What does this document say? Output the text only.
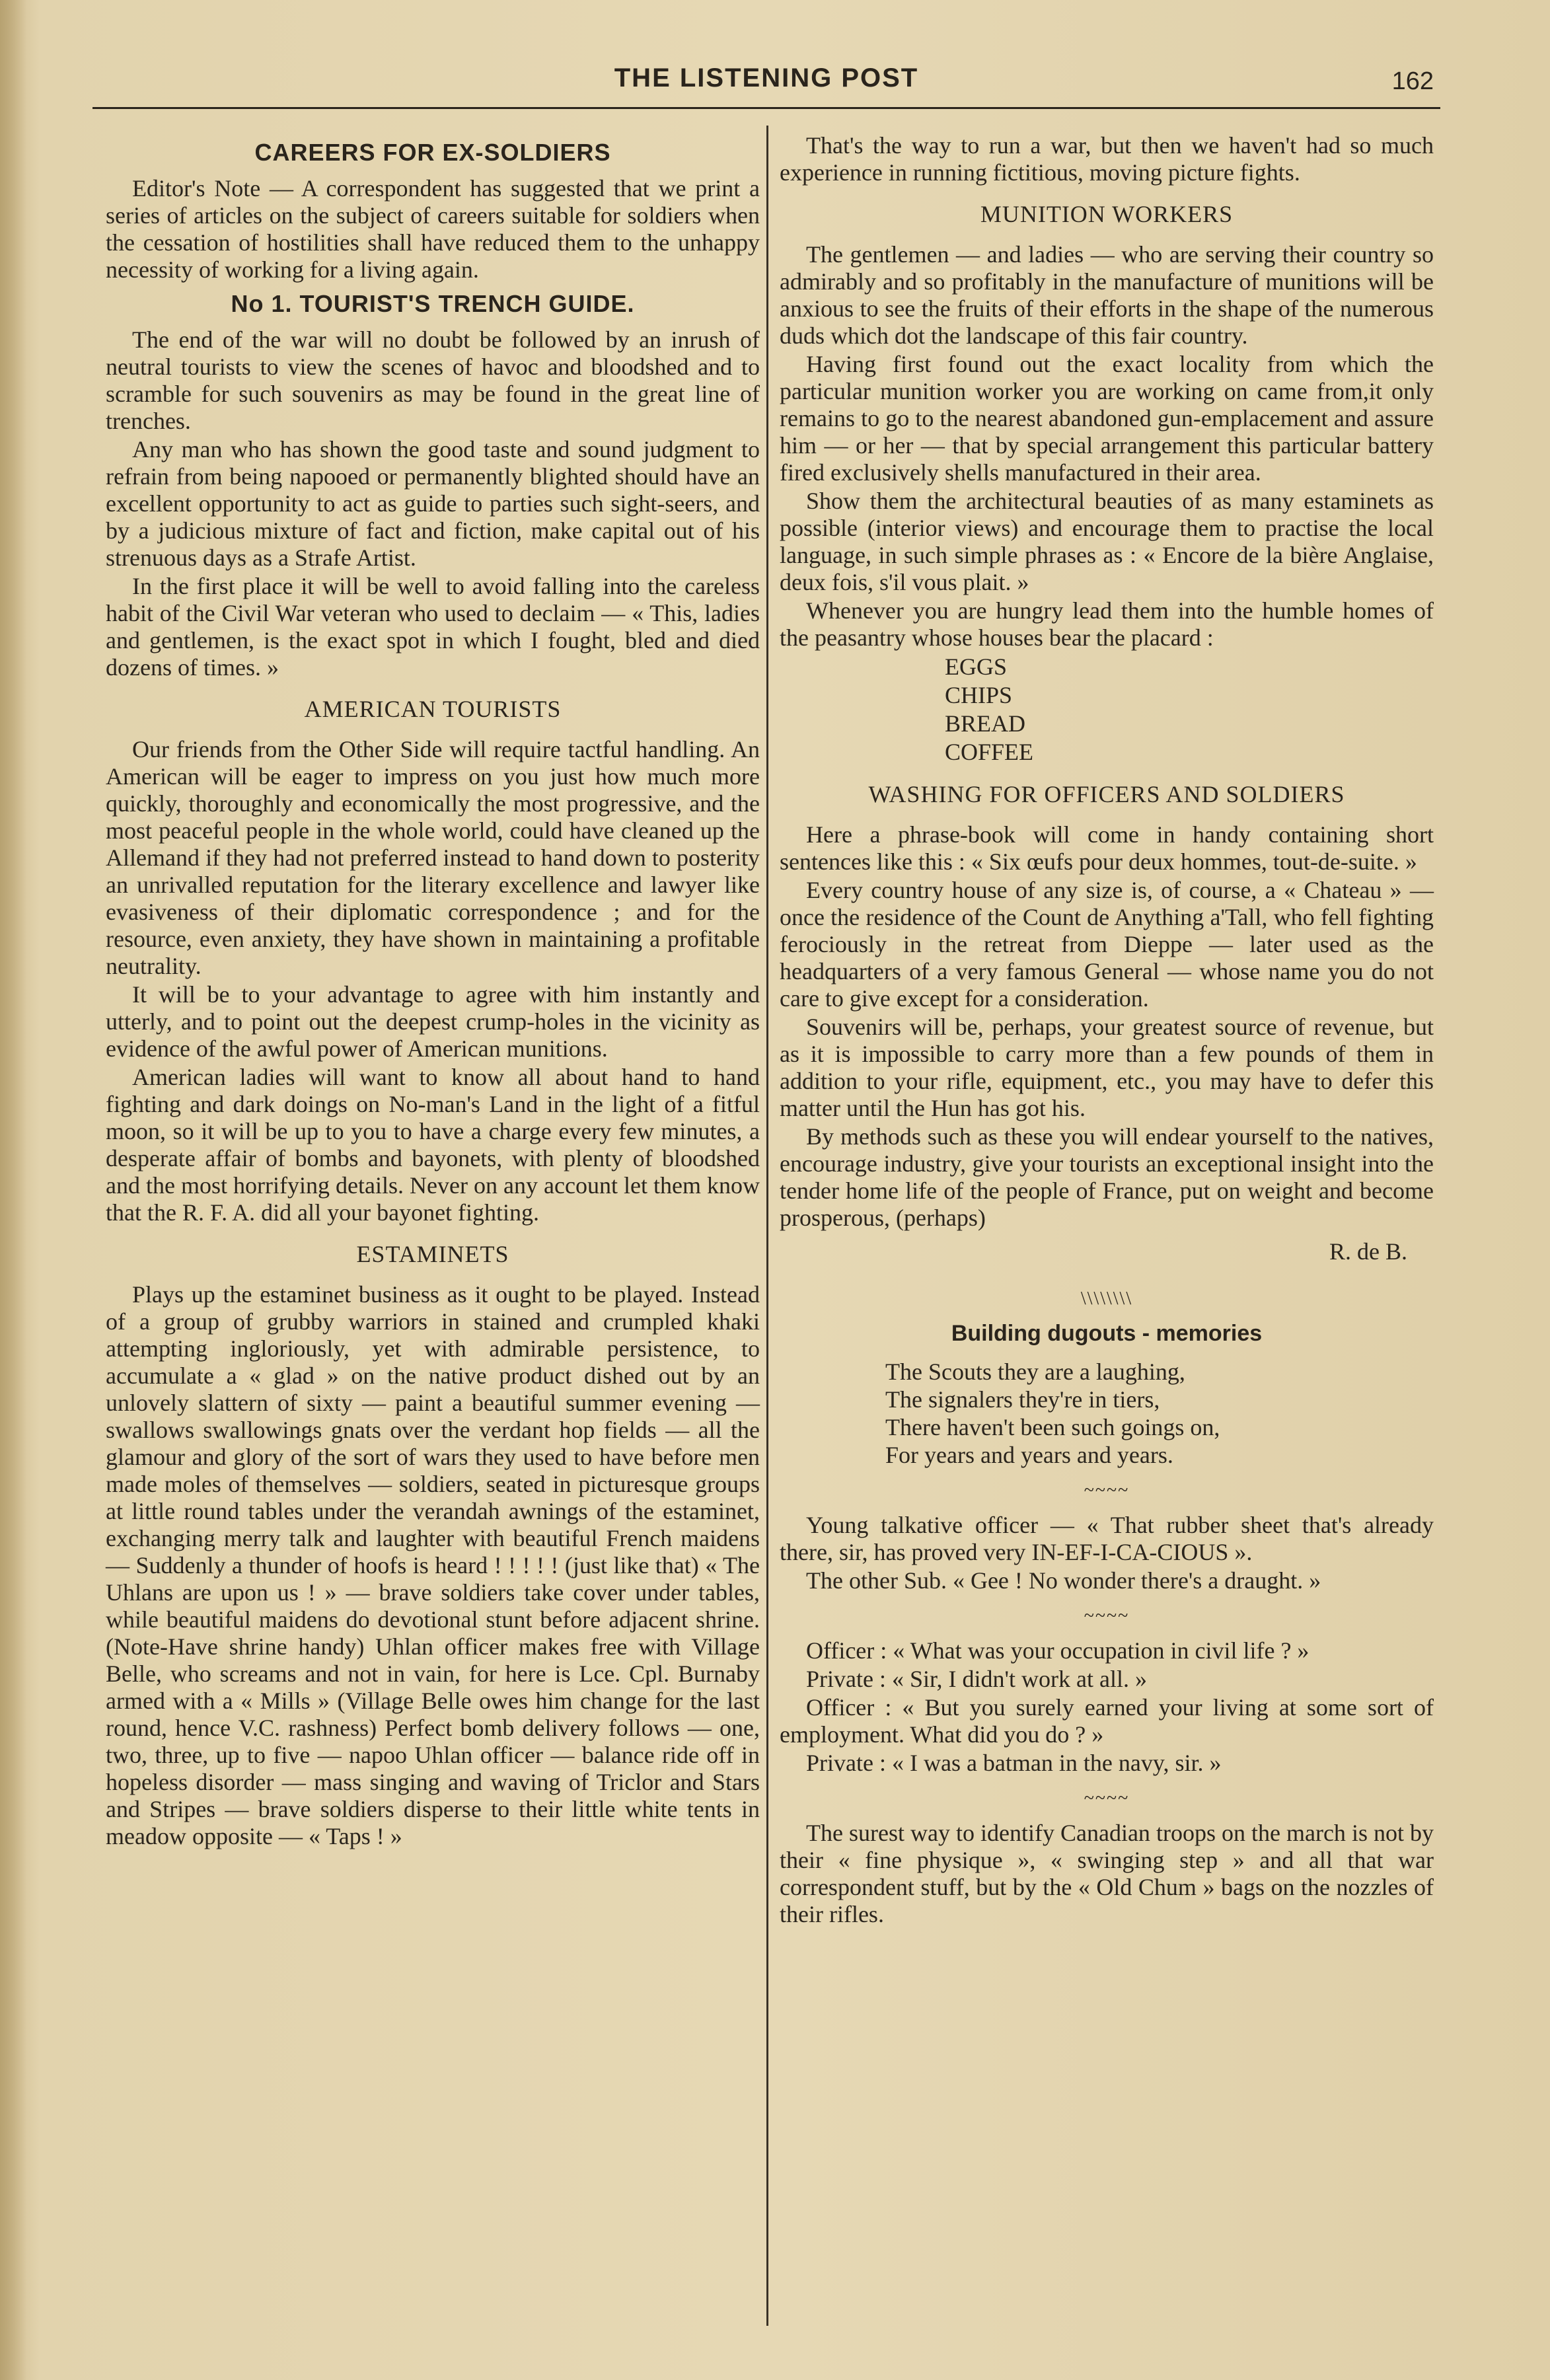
THE LISTENING POST	162
CAREERS FOR EX-SOLDIERS

Editor's Note — A correspondent has suggested that we print a series of articles on the subject of careers suitable for soldiers when the cessation of hostilities shall have reduced them to the unhappy necessity of working for a living again.

No 1. TOURIST'S TRENCH GUIDE.

The end of the war will no doubt be followed by an inrush of neutral tourists to view the scenes of havoc and bloodshed and to scramble for such souvenirs as may be found in the great line of trenches.

Any man who has shown the good taste and sound judgment to refrain from being napooed or permanently blighted should have an excellent opportunity to act as guide to parties such sight-seers, and by a judicious mixture of fact and fiction, make capital out of his strenuous days as a Strafe Artist.

In the first place it will be well to avoid falling into the careless habit of the Civil War veteran who used to declaim — « This, ladies and gentlemen, is the exact spot in which I fought, bled and died dozens of times. »

AMERICAN TOURISTS

Our friends from the Other Side will require tactful handling. An American will be eager to impress on you just how much more quickly, thoroughly and economically the most progressive, and the most peaceful people in the whole world, could have cleaned up the Allemand if they had not preferred instead to hand down to posterity an unrivalled reputation for the literary excellence and lawyer like evasiveness of their diplomatic correspondence ; and for the resource, even anxiety, they have shown in maintaining a profitable neutrality.

It will be to your advantage to agree with him instantly and utterly, and to point out the deepest crump-holes in the vicinity as evidence of the awful power of American munitions.

American ladies will want to know all about hand to hand fighting and dark doings on No-man's Land in the light of a fitful moon, so it will be up to you to have a charge every few minutes, a desperate affair of bombs and bayonets, with plenty of bloodshed and the most horrifying details. Never on any account let them know that the R. F. A. did all your bayonet fighting.

ESTAMINETS

Plays up the estaminet business as it ought to be played. Instead of a group of grubby warriors in stained and crumpled khaki attempting ingloriously, yet with admirable persistence, to accumulate a « glad » on the native product dished out by an unlovely slattern of sixty — paint a beautiful summer evening — swallows swallowings gnats over the verdant hop fields — all the glamour and glory of the sort of wars they used to have before men made moles of themselves — soldiers, seated in picturesque groups at little round tables under the verandah awnings of the estaminet, exchanging merry talk and laughter with beautiful French maidens — Suddenly a thunder of hoofs is heard ! ! ! ! ! (just like that) « The Uhlans are upon us ! » — brave soldiers take cover under tables, while beautiful maidens do devotional stunt before adjacent shrine. (Note-Have shrine handy) Uhlan officer makes free with Village Belle, who screams and not in vain, for here is Lce. Cpl. Burnaby armed with a « Mills » (Village Belle owes him change for the last round, hence V.C. rashness) Perfect bomb delivery follows — one, two, three, up to five — napoo Uhlan officer — balance ride off in hopeless disorder — mass singing and waving of Triclor and Stars and Stripes — brave soldiers disperse to their little white tents in meadow opposite — « Taps ! »

That's the way to run a war, but then we haven't had so much experience in running fictitious, moving picture fights.

MUNITION WORKERS

The gentlemen — and ladies — who are serving their country so admirably and so profitably in the manufacture of munitions will be anxious to see the fruits of their efforts in the shape of the numerous duds which dot the landscape of this fair country.

Having first found out the exact locality from which the particular munition worker you are working on came from,it only remains to go to the nearest abandoned gun-emplacement and assure him — or her — that by special arrangement this particular battery fired exclusively shells manufactured in their area.

Show them the architectural beauties of as many estaminets as possible (interior views) and encourage them to practise the local language, in such simple phrases as : « Encore de la bière Anglaise, deux fois, s'il vous plait. »

Whenever you are hungry lead them into the humble homes of the peasantry whose houses bear the placard :

EGGS
CHIPS
BREAD
COFFEE
WASHING FOR OFFICERS AND SOLDIERS

Here a phrase-book will come in handy containing short sentences like this : « Six œufs pour deux hommes, tout-de-suite. »

Every country house of any size is, of course, a « Chateau » — once the residence of the Count de Anything a'Tall, who fell fighting ferociously in the retreat from Dieppe — later used as the headquarters of a very famous General — whose name you do not care to give except for a consideration.

Souvenirs will be, perhaps, your greatest source of revenue, but as it is impossible to carry more than a few pounds of them in addition to your rifle, equipment, etc., you may have to defer this matter until the Hun has got his.

By methods such as these you will endear yourself to the natives, encourage industry, give your tourists an exceptional insight into the tender home life of the people of France, put on weight and become prosperous, (perhaps)

R. de B.

\\\\\\\\
Building dugouts - memories
The Scouts they are a laughing,
The signalers they're in tiers,
There haven't been such goings on,
For years and years and years.
~~~~

Young talkative officer — « That rubber sheet that's already there, sir, has proved very IN-EF-I-CA-CIOUS ».

The other Sub. « Gee ! No wonder there's a draught. »

~~~~

Officer : « What was your occupation in civil life ? »

Private : « Sir, I didn't work at all. »

Officer : « But you surely earned your living at some sort of employment. What did you do ? »

Private : « I was a batman in the navy, sir. »

~~~~

The surest way to identify Canadian troops on the march is not by their « fine physique », « swinging step » and all that war correspondent stuff, but by the « Old Chum » bags on the nozzles of their rifles.
